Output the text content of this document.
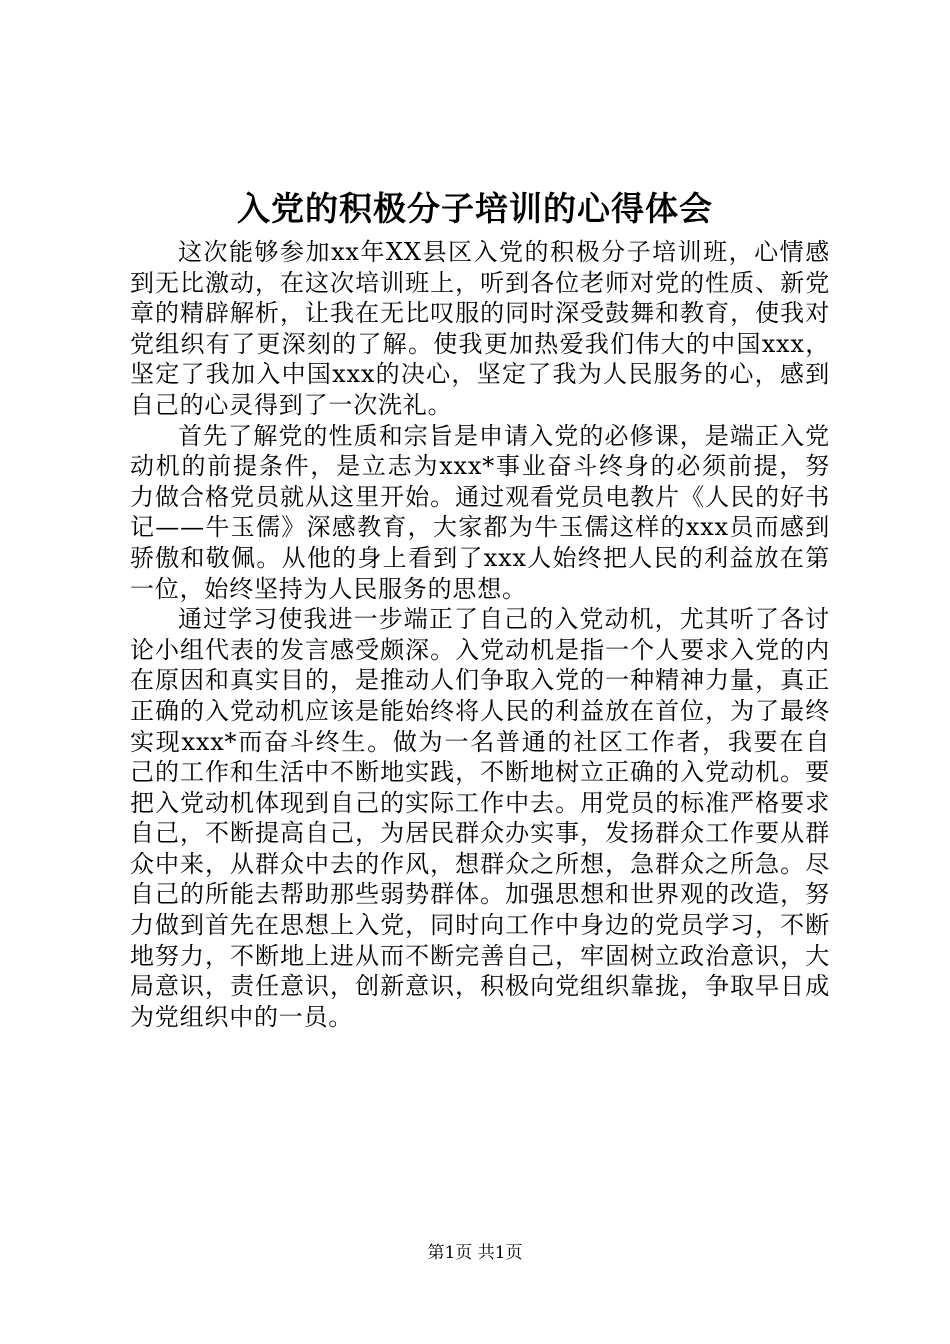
入党的积极分子培训的心得体会

这次能够参加xx年XX县区入党的积极分子培训班，心情感到无比激动，在这次培训班上，听到各位老师对党的性质、新党章的精辟解析，让我在无比叹服的同时深受鼓舞和教育，使我对党组织有了更深刻的了解。使我更加热爱我们伟大的中国xxx，坚定了我加入中国xxx的决心，坚定了我为人民服务的心，感到自己的心灵得到了一次洗礼。

首先了解党的性质和宗旨是申请入党的必修课，是端正入党动机的前提条件，是立志为xxx*事业奋斗终身的必须前提，努力做合格党员就从这里开始。通过观看党员电教片《人民的好书记——牛玉儒》深感教育，大家都为牛玉儒这样的xxx员而感到骄傲和敬佩。从他的身上看到了xxx人始终把人民的利益放在第一位，始终坚持为人民服务的思想。

通过学习使我进一步端正了自己的入党动机，尤其听了各讨论小组代表的发言感受颇深。入党动机是指一个人要求入党的内在原因和真实目的，是推动人们争取入党的一种精神力量，真正正确的入党动机应该是能始终将人民的利益放在首位，为了最终实现xxx*而奋斗终生。做为一名普通的社区工作者，我要在自己的工作和生活中不断地实践，不断地树立正确的入党动机。要把入党动机体现到自己的实际工作中去。用党员的标准严格要求自己，不断提高自己，为居民群众办实事，发扬群众工作要从群众中来，从群众中去的作风，想群众之所想，急群众之所急。尽自己的所能去帮助那些弱势群体。加强思想和世界观的改造，努力做到首先在思想上入党，同时向工作中身边的党员学习，不断地努力，不断地上进从而不断完善自己，牢固树立政治意识，大局意识，责任意识，创新意识，积极向党组织靠拢，争取早日成为党组织中的一员。

第1页 共1页
